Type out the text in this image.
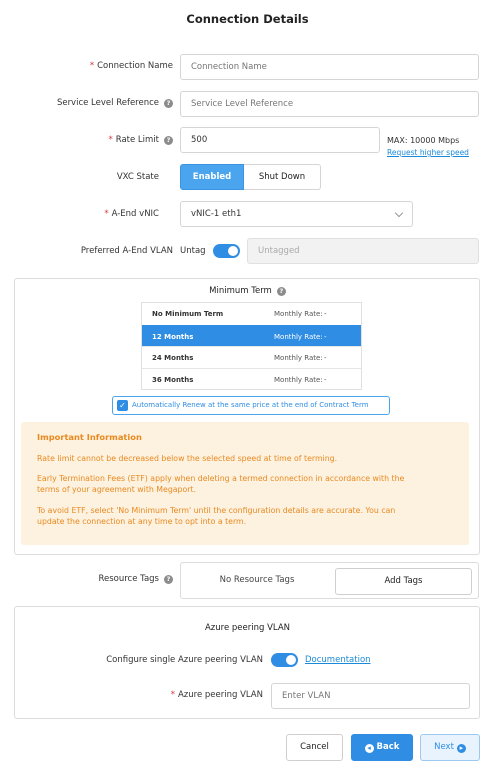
Connection Details
* Connection Name
Connection Name
Service Level Reference ?
Service Level Reference
* Rate Limit ?	500	MAX: 10000 Mbps
Request higher speed
VXC State	Enabled	Shut Down
* A-End vNIC	vNIC-1 eth1
Preferred A-End VLAN Untag	Untagged
Minimum Term ?
No Minimum Term	Monthly Rate: -
12 Months	Monthly Rate: -
24 Months	Monthly Rate: -
36 Months	Monthly Rate: -
✓ Automatically Renew at the same price at the end of Contract Term

Important Information

Rate limit cannot be decreased below the selected speed at time of terming.

Early Termination Fees (ETF) apply when deleting a termed connection in accordance with the

terms of your agreement with Megaport.

To avoid ETF, select 'No Minimum Term' until the configuration details are accurate. You can

update the connection at any time to opt into a term.

Resource Tags ?	No Resource Tags	Add Tags
Azure peering VLAN
Configure single Azure peering VLAN	Documentation
* Azure peering VLAN
Enter VLAN
Cancel	◂ Back	Next ▸
